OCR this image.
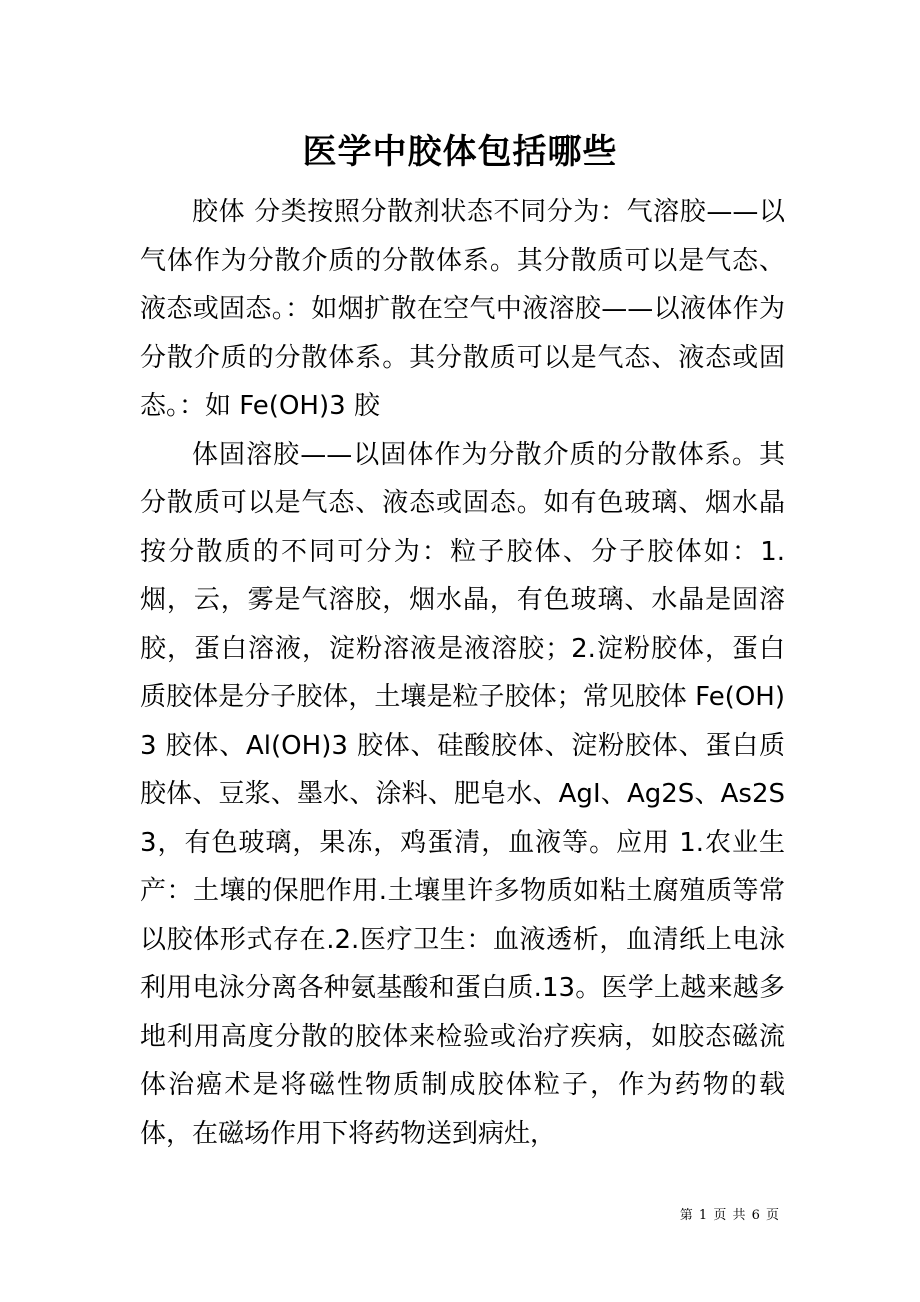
医学中胶体包括哪些

胶体 分类按照分散剂状态不同分为：气溶胶——以气体作为分散介质的分散体系。其分散质可以是气态、液态或固态。：如烟扩散在空气中液溶胶——以液体作为分散介质的分散体系。其分散质可以是气态、液态或固态。：如 Fe(OH)3 胶

体固溶胶——以固体作为分散介质的分散体系。其分散质可以是气态、液态或固态。如有色玻璃、烟水晶按分散质的不同可分为：粒子胶体、分子胶体如：1.烟，云，雾是气溶胶，烟水晶，有色玻璃、水晶是固溶胶，蛋白溶液，淀粉溶液是液溶胶；2.淀粉胶体，蛋白质胶体是分子胶体，土壤是粒子胶体；常见胶体 Fe(OH)3 胶体、Al(OH)3 胶体、硅酸胶体、淀粉胶体、蛋白质胶体、豆浆、墨水、涂料、肥皂水、AgI、Ag2S、As2S3，有色玻璃，果冻，鸡蛋清，血液等。应用 1.农业生产：土壤的保肥作用.土壤里许多物质如粘土腐殖质等常以胶体形式存在.2.医疗卫生：血液透析，血清纸上电泳利用电泳分离各种氨基酸和蛋白质.13。医学上越来越多地利用高度分散的胶体来检验或治疗疾病，如胶态磁流体治癌术是将磁性物质制成胶体粒子，作为药物的载体，在磁场作用下将药物送到病灶，

第 1 页 共 6 页
